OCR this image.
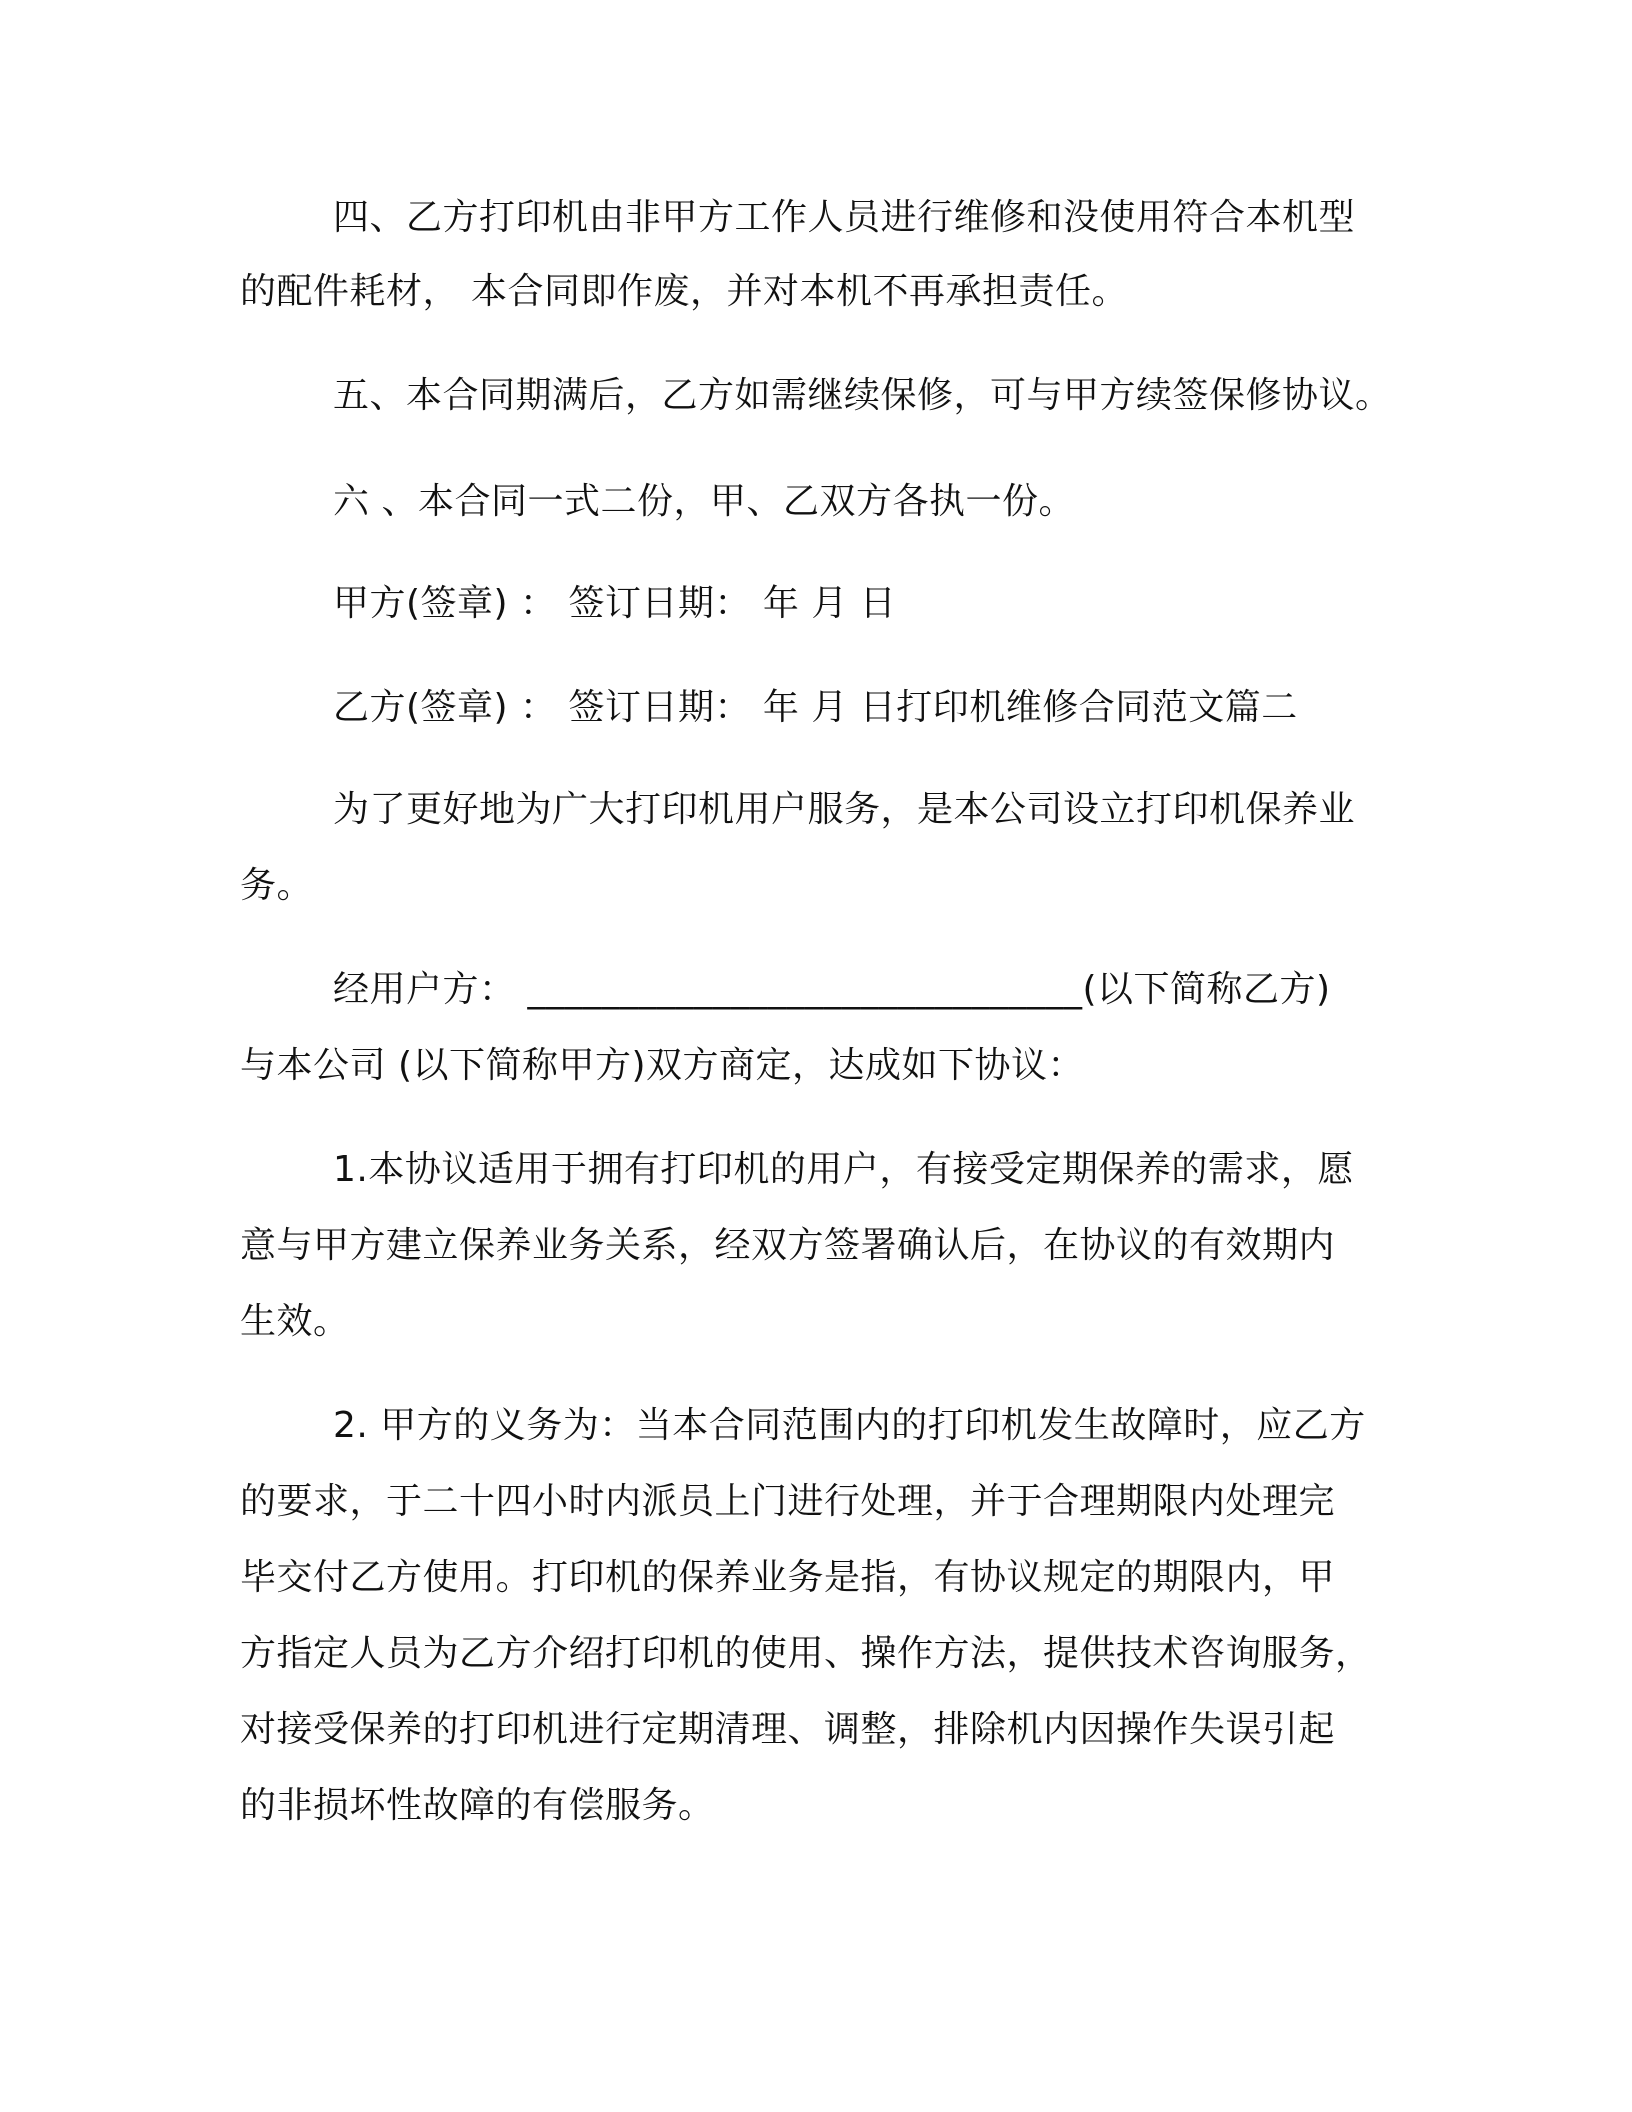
四、乙方打印机由非甲方工作人员进行维修和没使用符合本机型
的配件耗材， 本合同即作废，并对本机不再承担责任。
五、本合同期满后，乙方如需继续保修，可与甲方续签保修协议。
六 、本合同一式二份，甲、乙双方各执一份。
甲方(签章) ： 签订日期： 年 月 日
乙方(签章) ： 签订日期： 年 月 日打印机维修合同范文篇二
为了更好地为广大打印机用户服务，是本公司设立打印机保养业
务。
经用户方： ______________________________(以下简称乙方)
与本公司 (以下简称甲方)双方商定，达成如下协议：
1.本协议适用于拥有打印机的用户，有接受定期保养的需求，愿
意与甲方建立保养业务关系，经双方签署确认后，在协议的有效期内
生效。
2. 甲方的义务为：当本合同范围内的打印机发生故障时，应乙方
的要求，于二十四小时内派员上门进行处理，并于合理期限内处理完
毕交付乙方使用。打印机的保养业务是指，有协议规定的期限内，甲
方指定人员为乙方介绍打印机的使用、操作方法，提供技术咨询服务，
对接受保养的打印机进行定期清理、调整，排除机内因操作失误引起
的非损坏性故障的有偿服务。
